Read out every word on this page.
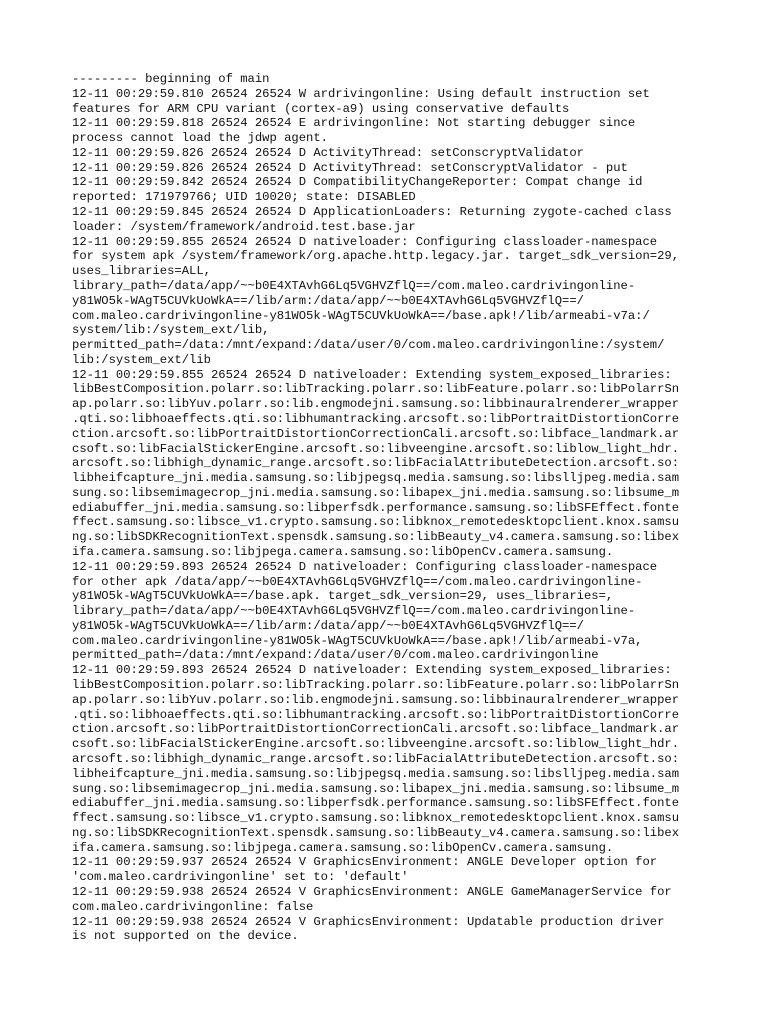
--------- beginning of main
12-11 00:29:59.810 26524 26524 W ardrivingonline: Using default instruction set
features for ARM CPU variant (cortex-a9) using conservative defaults
12-11 00:29:59.818 26524 26524 E ardrivingonline: Not starting debugger since
process cannot load the jdwp agent.
12-11 00:29:59.826 26524 26524 D ActivityThread: setConscryptValidator
12-11 00:29:59.826 26524 26524 D ActivityThread: setConscryptValidator - put
12-11 00:29:59.842 26524 26524 D CompatibilityChangeReporter: Compat change id
reported: 171979766; UID 10020; state: DISABLED
12-11 00:29:59.845 26524 26524 D ApplicationLoaders: Returning zygote-cached class
loader: /system/framework/android.test.base.jar
12-11 00:29:59.855 26524 26524 D nativeloader: Configuring classloader-namespace
for system apk /system/framework/org.apache.http.legacy.jar. target_sdk_version=29,
uses_libraries=ALL,
library_path=/data/app/~~b0E4XTAvhG6Lq5VGHVZflQ==/com.maleo.cardrivingonline-
y81WO5k-WAgT5CUVkUoWkA==/lib/arm:/data/app/~~b0E4XTAvhG6Lq5VGHVZflQ==/
com.maleo.cardrivingonline-y81WO5k-WAgT5CUVkUoWkA==/base.apk!/lib/armeabi-v7a:/
system/lib:/system_ext/lib,
permitted_path=/data:/mnt/expand:/data/user/0/com.maleo.cardrivingonline:/system/
lib:/system_ext/lib
12-11 00:29:59.855 26524 26524 D nativeloader: Extending system_exposed_libraries:
libBestComposition.polarr.so:libTracking.polarr.so:libFeature.polarr.so:libPolarrSn
ap.polarr.so:libYuv.polarr.so:lib.engmodejni.samsung.so:libbinauralrenderer_wrapper
.qti.so:libhoaeffects.qti.so:libhumantracking.arcsoft.so:libPortraitDistortionCorre
ction.arcsoft.so:libPortraitDistortionCorrectionCali.arcsoft.so:libface_landmark.ar
csoft.so:libFacialStickerEngine.arcsoft.so:libveengine.arcsoft.so:liblow_light_hdr.
arcsoft.so:libhigh_dynamic_range.arcsoft.so:libFacialAttributeDetection.arcsoft.so:
libheifcapture_jni.media.samsung.so:libjpegsq.media.samsung.so:libslljpeg.media.sam
sung.so:libsemimagecrop_jni.media.samsung.so:libapex_jni.media.samsung.so:libsume_m
ediabuffer_jni.media.samsung.so:libperfsdk.performance.samsung.so:libSFEffect.fonte
ffect.samsung.so:libsce_v1.crypto.samsung.so:libknox_remotedesktopclient.knox.samsu
ng.so:libSDKRecognitionText.spensdk.samsung.so:libBeauty_v4.camera.samsung.so:libex
ifa.camera.samsung.so:libjpega.camera.samsung.so:libOpenCv.camera.samsung.
12-11 00:29:59.893 26524 26524 D nativeloader: Configuring classloader-namespace
for other apk /data/app/~~b0E4XTAvhG6Lq5VGHVZflQ==/com.maleo.cardrivingonline-
y81WO5k-WAgT5CUVkUoWkA==/base.apk. target_sdk_version=29, uses_libraries=,
library_path=/data/app/~~b0E4XTAvhG6Lq5VGHVZflQ==/com.maleo.cardrivingonline-
y81WO5k-WAgT5CUVkUoWkA==/lib/arm:/data/app/~~b0E4XTAvhG6Lq5VGHVZflQ==/
com.maleo.cardrivingonline-y81WO5k-WAgT5CUVkUoWkA==/base.apk!/lib/armeabi-v7a,
permitted_path=/data:/mnt/expand:/data/user/0/com.maleo.cardrivingonline
12-11 00:29:59.893 26524 26524 D nativeloader: Extending system_exposed_libraries:
libBestComposition.polarr.so:libTracking.polarr.so:libFeature.polarr.so:libPolarrSn
ap.polarr.so:libYuv.polarr.so:lib.engmodejni.samsung.so:libbinauralrenderer_wrapper
.qti.so:libhoaeffects.qti.so:libhumantracking.arcsoft.so:libPortraitDistortionCorre
ction.arcsoft.so:libPortraitDistortionCorrectionCali.arcsoft.so:libface_landmark.ar
csoft.so:libFacialStickerEngine.arcsoft.so:libveengine.arcsoft.so:liblow_light_hdr.
arcsoft.so:libhigh_dynamic_range.arcsoft.so:libFacialAttributeDetection.arcsoft.so:
libheifcapture_jni.media.samsung.so:libjpegsq.media.samsung.so:libslljpeg.media.sam
sung.so:libsemimagecrop_jni.media.samsung.so:libapex_jni.media.samsung.so:libsume_m
ediabuffer_jni.media.samsung.so:libperfsdk.performance.samsung.so:libSFEffect.fonte
ffect.samsung.so:libsce_v1.crypto.samsung.so:libknox_remotedesktopclient.knox.samsu
ng.so:libSDKRecognitionText.spensdk.samsung.so:libBeauty_v4.camera.samsung.so:libex
ifa.camera.samsung.so:libjpega.camera.samsung.so:libOpenCv.camera.samsung.
12-11 00:29:59.937 26524 26524 V GraphicsEnvironment: ANGLE Developer option for
'com.maleo.cardrivingonline' set to: 'default'
12-11 00:29:59.938 26524 26524 V GraphicsEnvironment: ANGLE GameManagerService for
com.maleo.cardrivingonline: false
12-11 00:29:59.938 26524 26524 V GraphicsEnvironment: Updatable production driver
is not supported on the device.
